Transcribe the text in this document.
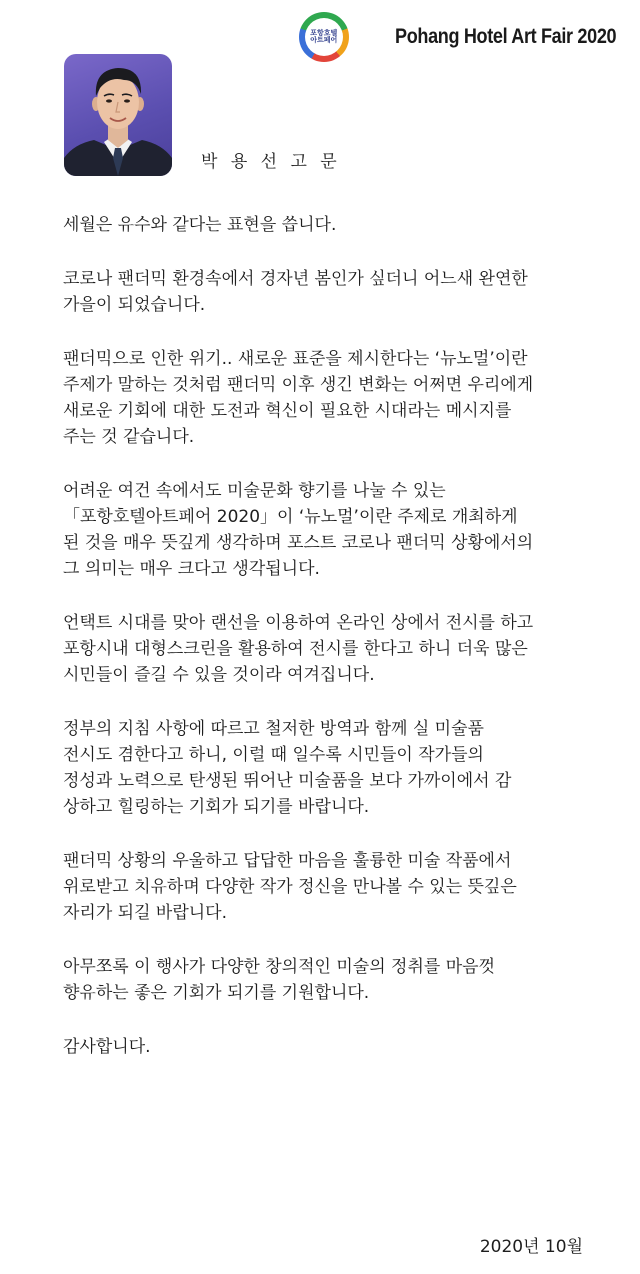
포항호텔
아트페어	Pohang Hotel Art Fair 2020
박 용 선 고 문

세월은 유수와 같다는 표현을 씁니다.

코로나 팬더믹 환경속에서 경자년 봄인가 싶더니 어느새 완연한
가을이 되었습니다.

팬더믹으로 인한 위기.. 새로운 표준을 제시한다는 ‘뉴노멀’이란
주제가 말하는 것처럼 팬더믹 이후 생긴 변화는 어쩌면 우리에게
새로운 기회에 대한 도전과 혁신이 필요한 시대라는 메시지를
주는 것 같습니다.

어려운 여건 속에서도 미술문화 향기를 나눌 수 있는
「포항호텔아트페어 2020」이 ‘뉴노멀’이란 주제로 개최하게
된 것을 매우 뜻깊게 생각하며 포스트 코로나 팬더믹 상황에서의
그 의미는 매우 크다고 생각됩니다.

언택트 시대를 맞아 랜선을 이용하여 온라인 상에서 전시를 하고
포항시내 대형스크린을 활용하여 전시를 한다고 하니 더욱 많은
시민들이 즐길 수 있을 것이라 여겨집니다.

정부의 지침 사항에 따르고 철저한 방역과 함께 실 미술품
전시도 겸한다고 하니, 이럴 때 일수록 시민들이 작가들의
정성과 노력으로 탄생된 뛰어난 미술품을 보다 가까이에서 감
상하고 힐링하는 기회가 되기를 바랍니다.

팬더믹 상황의 우울하고 답답한 마음을 훌륭한 미술 작품에서
위로받고 치유하며 다양한 작가 정신을 만나볼 수 있는 뜻깊은
자리가 되길 바랍니다.

아무쪼록 이 행사가 다양한 창의적인 미술의 정취를 마음껏
향유하는 좋은 기회가 되기를 기원합니다.

감사합니다.

2020년 10월
